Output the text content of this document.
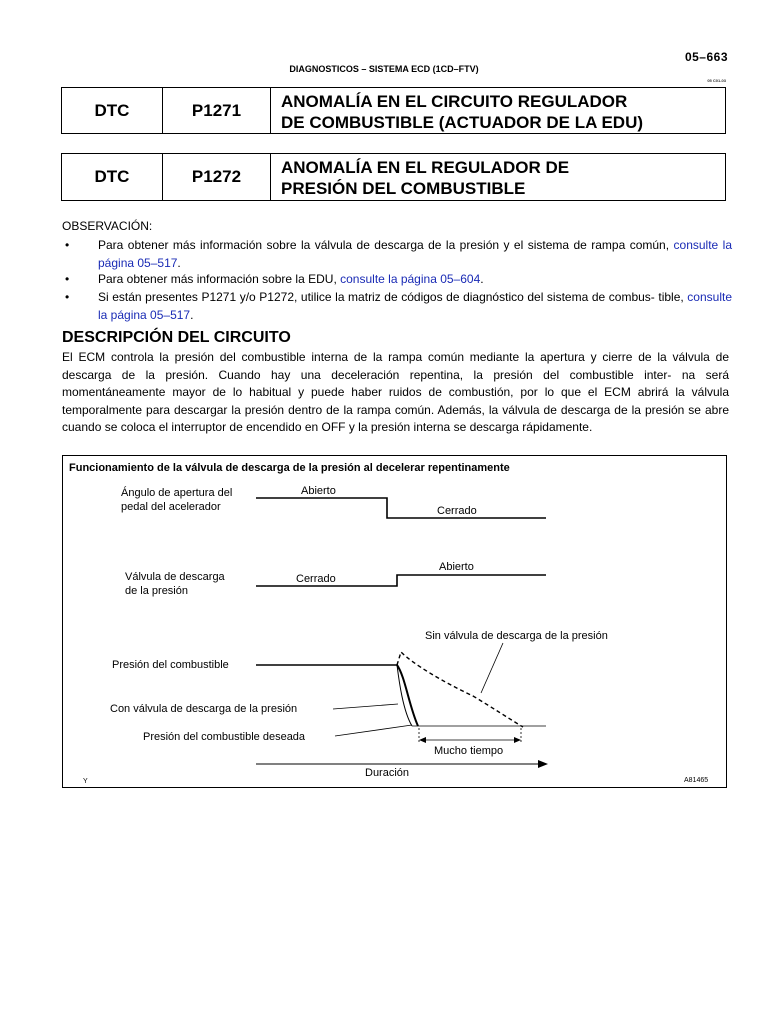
05–663
DIAGNOSTICOS – SISTEMA ECD (1CD–FTV)
05 C01-03
DTC	P1271	ANOMALÍA EN EL CIRCUITO REGULADOR
DE COMBUSTIBLE (ACTUADOR DE LA EDU)
DTC	P1272	ANOMALÍA EN EL REGULADOR DE
PRESIÓN DEL COMBUSTIBLE
OBSERVACIÓN:
• Para obtener más información sobre la válvula de descarga de la presión y el sistema de rampa común, consulte la página 05–517.
• Para obtener más información sobre la EDU, consulte la página 05–604.
• Si están presentes P1271 y/o P1272, utilice la matriz de códigos de diagnóstico del sistema de combus- tible, consulte la página 05–517.
DESCRIPCIÓN DEL CIRCUITO
El ECM controla la presión del combustible interna de la rampa común mediante la apertura y cierre de la válvula de descarga de la presión. Cuando hay una deceleración repentina, la presión del combustible inter- na será momentáneamente mayor de lo habitual y puede haber ruidos de combustión, por lo que el ECM abrirá la válvula temporalmente para descargar la presión dentro de la rampa común. Además, la válvula de descarga de la presión se abre cuando se coloca el interruptor de encendido en OFF y la presión interna se descarga rápidamente.
Funcionamiento de la válvula de descarga de la presión al decelerar repentinamente
Ángulo de apertura del
pedal del acelerador
Abierto
Cerrado
Válvula de descarga
de la presión
Cerrado
Abierto
Presión del combustible
Sin válvula de descarga de la presión
Con válvula de descarga de la presión
Presión del combustible deseada
Mucho tiempo
Duración
Y	A81465
